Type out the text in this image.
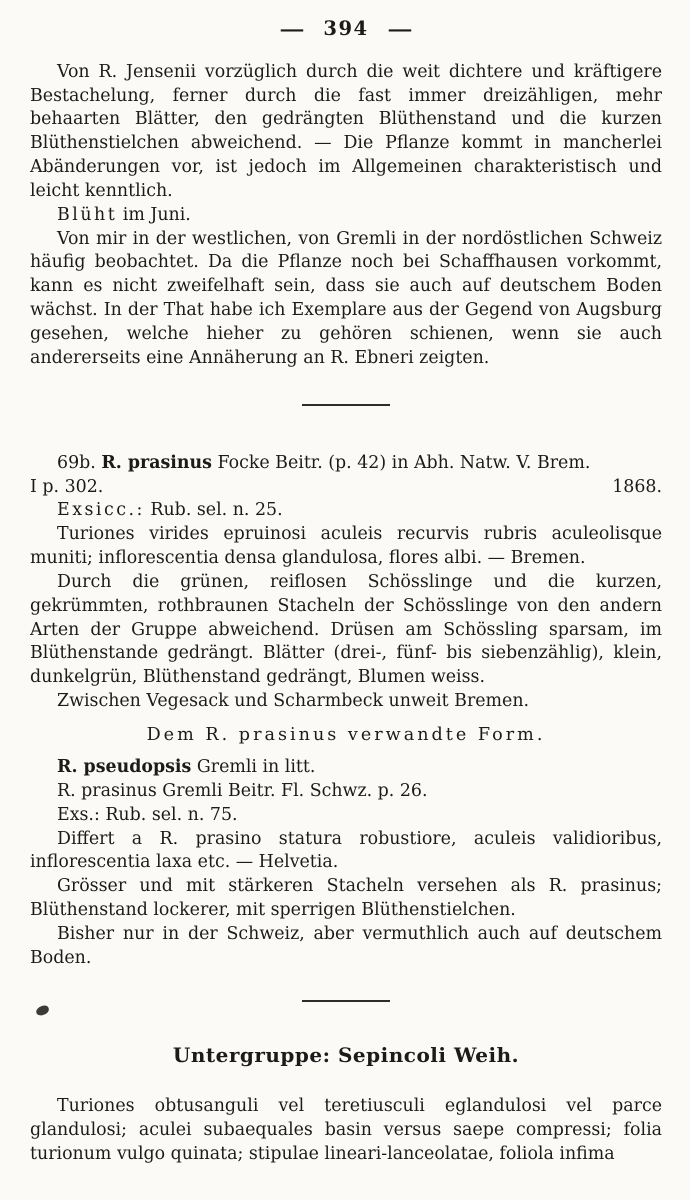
— 394 —

Von R. Jensenii vorzüglich durch die weit dichtere und kräftigere Bestachelung, ferner durch die fast immer dreizähligen, mehr behaarten Blätter, den gedrängten Blüthenstand und die kurzen Blüthenstielchen abweichend. — Die Pflanze kommt in mancherlei Abänderungen vor, ist jedoch im Allgemeinen charakteristisch und leicht kenntlich.

Blüht im Juni.

Von mir in der westlichen, von Gremli in der nordöstlichen Schweiz häufig beobachtet. Da die Pflanze noch bei Schaffhausen vorkommt, kann es nicht zweifelhaft sein, dass sie auch auf deutschem Boden wächst. In der That habe ich Exemplare aus der Gegend von Augsburg gesehen, welche hieher zu gehören schienen, wenn sie auch andererseits eine Annäherung an R. Ebneri zeigten.

69b. R. prasinus Focke Beitr. (p. 42) in Abh. Natw. V. Brem.

I p. 302.	1868.

Exsicc.: Rub. sel. n. 25.

Turiones virides epruinosi aculeis recurvis rubris aculeolisque muniti; inflorescentia densa glandulosa, flores albi. — Bremen.

Durch die grünen, reiflosen Schösslinge und die kurzen, gekrümmten, rothbraunen Stacheln der Schösslinge von den andern Arten der Gruppe abweichend. Drüsen am Schössling sparsam, im Blüthenstande gedrängt. Blätter (drei-, fünf- bis siebenzählig), klein, dunkelgrün, Blüthenstand gedrängt, Blumen weiss.

Zwischen Vegesack und Scharmbeck unweit Bremen.

Dem R. prasinus verwandte Form.

R. pseudopsis Gremli in litt.

R. prasinus Gremli Beitr. Fl. Schwz. p. 26.

Exs.: Rub. sel. n. 75.

Differt a R. prasino statura robustiore, aculeis validioribus, inflorescentia laxa etc. — Helvetia.

Grösser und mit stärkeren Stacheln versehen als R. prasinus; Blüthenstand lockerer, mit sperrigen Blüthenstielchen.

Bisher nur in der Schweiz, aber vermuthlich auch auf deutschem Boden.

Untergruppe: Sepincoli Weih.

Turiones obtusanguli vel teretiusculi eglandulosi vel parce glandulosi; aculei subaequales basin versus saepe compressi; folia turionum vulgo quinata; stipulae lineari-lanceolatae, foliola infima
